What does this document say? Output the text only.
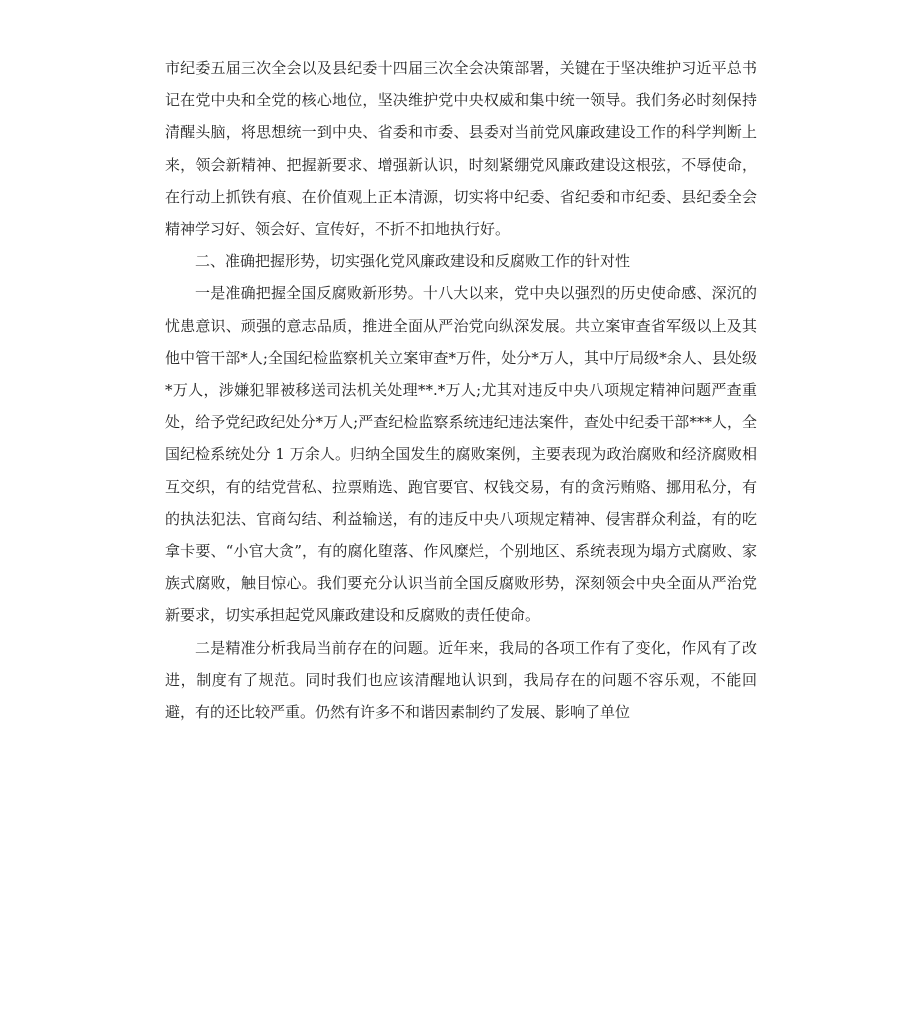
市纪委五届三次全会以及县纪委十四届三次全会决策部署，关键在于坚决维护习近平总书记在党中央和全党的核心地位，坚决维护党中央权威和集中统一领导。我们务必时刻保持清醒头脑，将思想统一到中央、省委和市委、县委对当前党风廉政建设工作的科学判断上来，领会新精神、把握新要求、增强新认识，时刻紧绷党风廉政建设这根弦，不辱使命，在行动上抓铁有痕、在价值观上正本清源，切实将中纪委、省纪委和市纪委、县纪委全会精神学习好、领会好、宣传好，不折不扣地执行好。

二、准确把握形势，切实强化党风廉政建设和反腐败工作的针对性

一是准确把握全国反腐败新形势。十八大以来，党中央以强烈的历史使命感、深沉的忧患意识、顽强的意志品质，推进全面从严治党向纵深发展。共立案审查省军级以上及其他中管干部*人;全国纪检监察机关立案审查*万件，处分*万人，其中厅局级*余人、县处级*万人，涉嫌犯罪被移送司法机关处理**.*万人;尤其对违反中央八项规定精神问题严查重处，给予党纪政纪处分*万人;严查纪检监察系统违纪违法案件，查处中纪委干部***人，全国纪检系统处分 1 万余人。归纳全国发生的腐败案例，主要表现为政治腐败和经济腐败相互交织，有的结党营私、拉票贿选、跑官要官、权钱交易，有的贪污贿赂、挪用私分，有的执法犯法、官商勾结、利益输送，有的违反中央八项规定精神、侵害群众利益，有的吃拿卡要、“小官大贪”，有的腐化堕落、作风糜烂，个别地区、系统表现为塌方式腐败、家族式腐败，触目惊心。我们要充分认识当前全国反腐败形势，深刻领会中央全面从严治党新要求，切实承担起党风廉政建设和反腐败的责任使命。

二是精准分析我局当前存在的问题。近年来，我局的各项工作有了变化，作风有了改进，制度有了规范。同时我们也应该清醒地认识到，我局存在的问题不容乐观，不能回避，有的还比较严重。仍然有许多不和谐因素制约了发展、影响了单位
